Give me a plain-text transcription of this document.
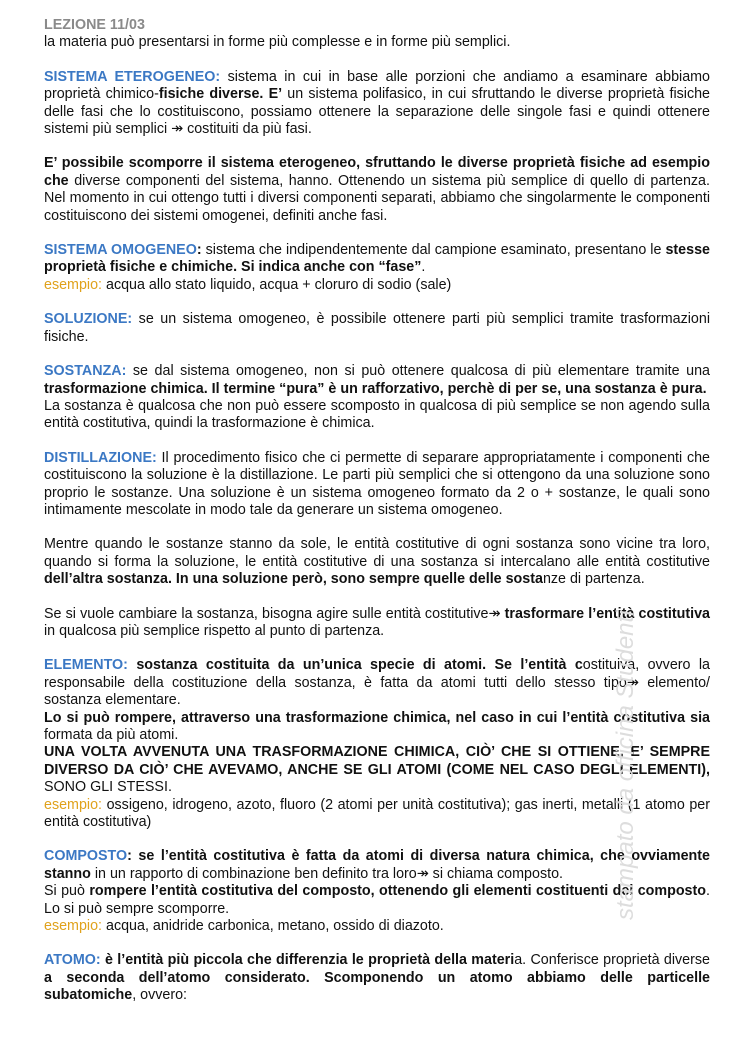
LEZIONE 11/03

la materia può presentarsi in forme più complesse e in forme più semplici.

SISTEMA ETEROGENEO: sistema in cui in base alle porzioni che andiamo a esaminare abbiamo proprietà chimico-fisiche diverse. E’ un sistema polifasico, in cui sfruttando le diverse proprietà fisiche delle fasi che lo costituiscono, possiamo ottenere la separazione delle singole fasi e quindi ottenere sistemi più semplici ↠ costituiti da più fasi.

E’ possibile scomporre il sistema eterogeneo, sfruttando le diverse proprietà fisiche ad esempio che diverse componenti del sistema, hanno. Ottenendo un sistema più semplice di quello di partenza. Nel momento in cui ottengo tutti i diversi componenti separati, abbiamo che singolarmente le componenti costituiscono dei sistemi omogenei, definiti anche fasi.

SISTEMA OMOGENEO: sistema che indipendentemente dal campione esaminato, presentano le stesse proprietà fisiche e chimiche. Si indica anche con “fase”.

esempio: acqua allo stato liquido, acqua + cloruro di sodio (sale)

SOLUZIONE: se un sistema omogeneo, è possibile ottenere parti più semplici tramite trasformazioni fisiche.

SOSTANZA: se dal sistema omogeneo, non si può ottenere qualcosa di più elementare tramite una trasformazione chimica. Il termine “pura” è un rafforzativo, perchè di per se, una sostanza è pura.

La sostanza è qualcosa che non può essere scomposto in qualcosa di più semplice se non agendo sulla entità costitutiva, quindi la trasformazione è chimica.

DISTILLAZIONE: Il procedimento fisico che ci permette di separare appropriatamente i componenti che costituiscono la soluzione è la distillazione. Le parti più semplici che si ottengono da una soluzione sono proprio le sostanze. Una soluzione è un sistema omogeneo formato da 2 o + sostanze, le quali sono intimamente mescolate in modo tale da generare un sistema omogeneo.

Mentre quando le sostanze stanno da sole, le entità costitutive di ogni sostanza sono vicine tra loro, quando si forma la soluzione, le entità costitutive di una sostanza si intercalano alle entità costitutive dell’altra sostanza. In una soluzione però, sono sempre quelle delle sostanze di partenza.

Se si vuole cambiare la sostanza, bisogna agire sulle entità costitutive↠ trasformare l’entità costitutiva in qualcosa più semplice rispetto al punto di partenza.

ELEMENTO: sostanza costituita da un’unica specie di atomi. Se l’entità costituiva, ovvero la responsabile della costituzione della sostanza, è fatta da atomi tutti dello stesso tipo↠ elemento/ sostanza elementare.

Lo si può rompere, attraverso una trasformazione chimica, nel caso in cui l’entità costitutiva sia formata da più atomi.

UNA VOLTA AVVENUTA UNA TRASFORMAZIONE CHIMICA, CIÒ’ CHE SI OTTIENE, E’ SEMPRE DIVERSO DA CIÒ’ CHE AVEVAMO, ANCHE SE GLI ATOMI (COME NEL CASO DEGLI ELEMENTI), SONO GLI STESSI.

esempio: ossigeno, idrogeno, azoto, fluoro (2 atomi per unità costitutiva); gas inerti, metalli (1 atomo per entità costitutiva)

COMPOSTO: se l’entità costitutiva è fatta da atomi di diversa natura chimica, che ovviamente stanno in un rapporto di combinazione ben definito tra loro↠ si chiama composto.

Si può rompere l’entità costitutiva del composto, ottenendo gli elementi costituenti del composto. Lo si può sempre scomporre.

esempio: acqua, anidride carbonica, metano, ossido di diazoto.

ATOMO: è l’entità più piccola che differenzia le proprietà della materia. Conferisce proprietà diverse a seconda dell’atomo considerato. Scomponendo un atomo abbiamo delle particelle subatomiche, ovvero:

stampato da officina Studenti
